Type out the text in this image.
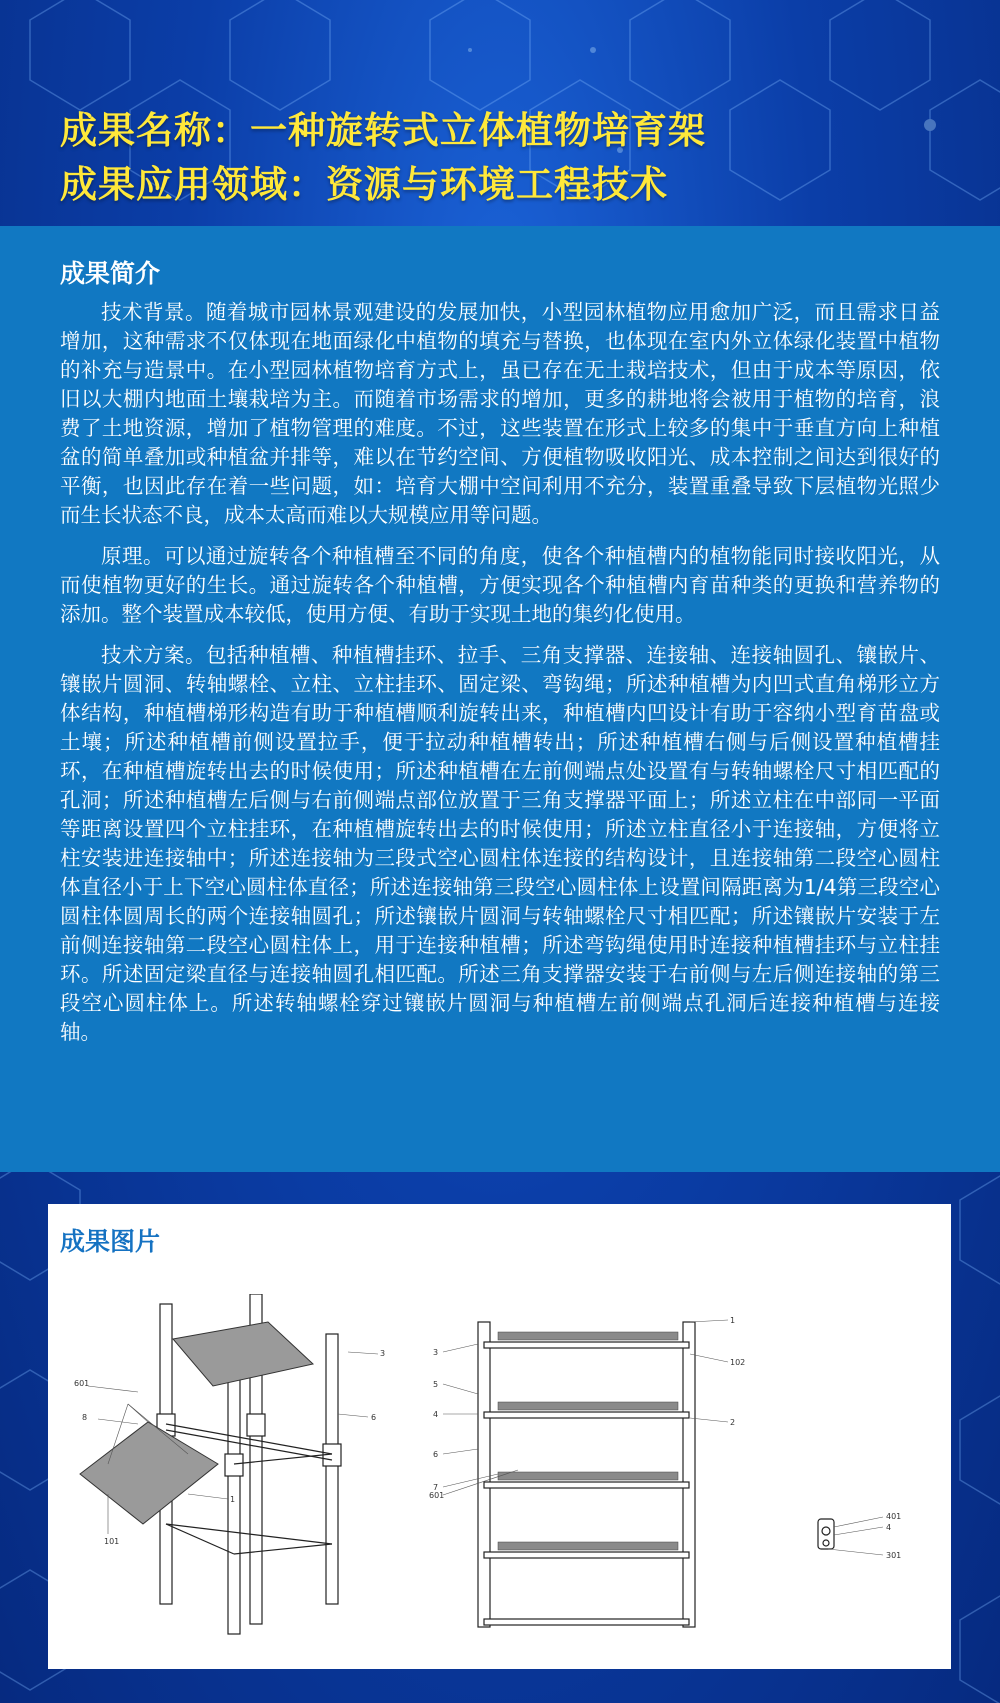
成果名称：一种旋转式立体植物培育架
成果应用领域：资源与环境工程技术
成果简介

技术背景。随着城市园林景观建设的发展加快，小型园林植物应用愈加广泛，而且需求日益增加，这种需求不仅体现在地面绿化中植物的填充与替换，也体现在室内外立体绿化装置中植物的补充与造景中。在小型园林植物培育方式上，虽已存在无土栽培技术，但由于成本等原因，依旧以大棚内地面土壤栽培为主。而随着市场需求的增加，更多的耕地将会被用于植物的培育，浪费了土地资源，增加了植物管理的难度。不过，这些装置在形式上较多的集中于垂直方向上种植盆的简单叠加或种植盆并排等，难以在节约空间、方便植物吸收阳光、成本控制之间达到很好的平衡，也因此存在着一些问题，如：培育大棚中空间利用不充分，装置重叠导致下层植物光照少而生长状态不良，成本太高而难以大规模应用等问题。

原理。可以通过旋转各个种植槽至不同的角度，使各个种植槽内的植物能同时接收阳光，从而使植物更好的生长。通过旋转各个种植槽，方便实现各个种植槽内育苗种类的更换和营养物的添加。整个装置成本较低，使用方便、有助于实现土地的集约化使用。

技术方案。包括种植槽、种植槽挂环、拉手、三角支撑器、连接轴、连接轴圆孔、镶嵌片、镶嵌片圆洞、转轴螺栓、立柱、立柱挂环、固定梁、弯钩绳；所述种植槽为内凹式直角梯形立方体结构，种植槽梯形构造有助于种植槽顺利旋转出来，种植槽内凹设计有助于容纳小型育苗盘或土壤；所述种植槽前侧设置拉手，便于拉动种植槽转出；所述种植槽右侧与后侧设置种植槽挂环，在种植槽旋转出去的时候使用；所述种植槽在左前侧端点处设置有与转轴螺栓尺寸相匹配的孔洞；所述种植槽左后侧与右前侧端点部位放置于三角支撑器平面上；所述立柱在中部同一平面等距离设置四个立柱挂环，在种植槽旋转出去的时候使用；所述立柱直径小于连接轴，方便将立柱安装进连接轴中；所述连接轴为三段式空心圆柱体连接的结构设计，且连接轴第二段空心圆柱体直径小于上下空心圆柱体直径；所述连接轴第三段空心圆柱体上设置间隔距离为1/4第三段空心圆柱体圆周长的两个连接轴圆孔；所述镶嵌片圆洞与转轴螺栓尺寸相匹配；所述镶嵌片安装于左前侧连接轴第二段空心圆柱体上，用于连接种植槽；所述弯钩绳使用时连接种植槽挂环与立柱挂环。所述固定梁直径与连接轴圆孔相匹配。所述三角支撑器安装于右前侧与左后侧连接轴的第三段空心圆柱体上。所述转轴螺栓穿过镶嵌片圆洞与种植槽左前侧端点孔洞后连接种植槽与连接轴。

成果图片
3
601
8	6
1
101
1
3
102
5
4
2
6
7
601
401
4
301
